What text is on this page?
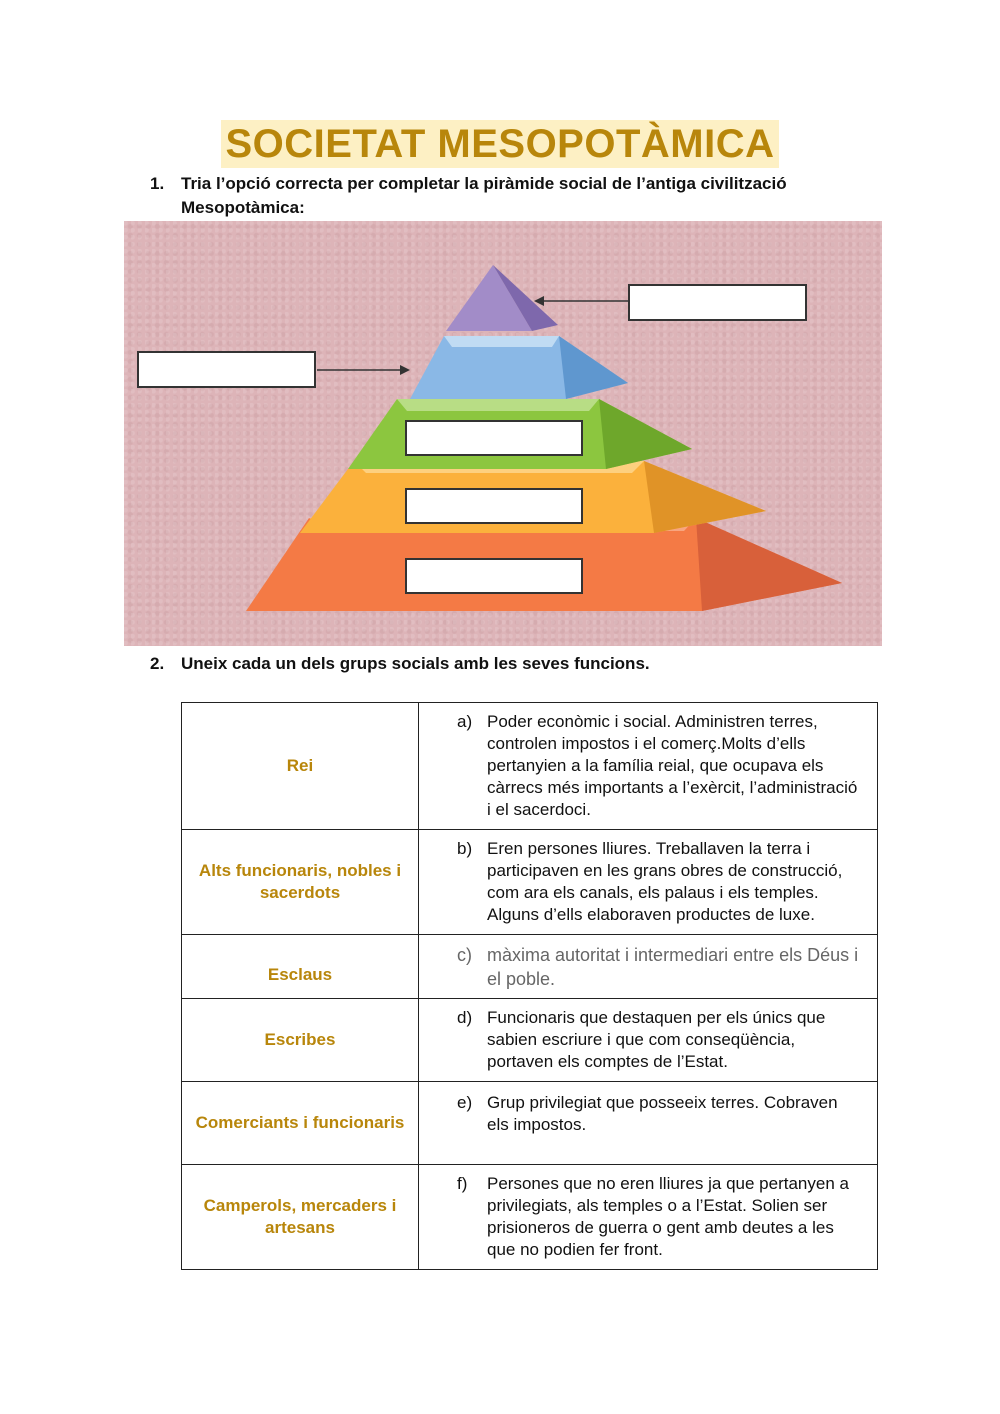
SOCIETAT MESOPOTÀMICA
1. Tria l’opció correcta per completar la piràmide social de l’antiga civilització Mesopotàmica:
2. Uneix cada un dels grups socials amb les seves funcions.
Rei	a) Poder econòmic i social. Administren terres, controlen impostos i el comerç.Molts d’ells pertanyien a la família reial, que ocupava els càrrecs més importants a l’exèrcit, l’administració i el sacerdoci.

Alts funcionaris, nobles i sacerdots	b) Eren persones lliures. Treballaven la terra i participaven en les grans obres de construcció, com ara els canals, els palaus i els temples. Alguns d’ells elaboraven productes de luxe.

Esclaus	c) màxima autoritat i intermediari entre els Déus i el poble.

Escribes	d) Funcionaris que destaquen per els únics que sabien escriure i que com conseqüència, portaven els comptes de l’Estat.

Comerciants i funcionaris	e) Grup privilegiat que posseeix terres. Cobraven els impostos.

Camperols, mercaders i artesans	f) Persones que no eren lliures ja que pertanyen a privilegiats, als temples o a l’Estat. Solien ser prisioneros de guerra o gent amb deutes a les que no podien fer front.
